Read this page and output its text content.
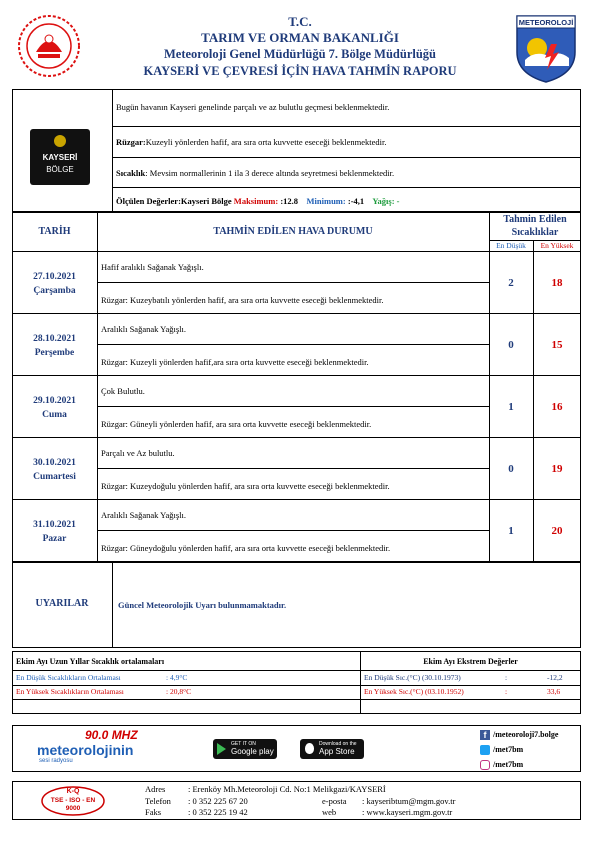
T.C.
TARIM VE ORMAN BAKANLIĞI
Meteoroloji Genel Müdürlüğü 7. Bölge Müdürlüğü
KAYSERİ VE ÇEVRESİ İÇİN HAVA TAHMİN RAPORU
METEOROLOJİ
KAYSERİ
BÖLGE
Bugün havanın Kayseri genelinde parçalı ve az bulutlu geçmesi beklenmektedir.
Rüzgar:Kuzeyli yönlerden hafif, ara sıra orta kuvvette eseceği beklenmektedir.
Sıcaklık: Mevsim normallerinin 1 ila 3 derece altında seyretmesi beklenmektedir.
Ölçülen Değerler:Kayseri Bölge Maksimum: :12.8 Minimum: :-4,1 Yağış: -
TARİH	TAHMİN EDİLEN HAVA DURUMU
Tahmin Edilen
Sıcaklıklar
En Düşük	En Yüksek
27.10.2021
Çarşamba
Hafif aralıklı Sağanak Yağışlı.
Rüzgar: Kuzeybatılı yönlerden hafif, ara sıra orta kuvvette eseceği beklenmektedir.
2	18
28.10.2021
Perşembe
Aralıklı Sağanak Yağışlı.
Rüzgar: Kuzeyli yönlerden hafif,ara sıra orta kuvvette eseceği beklenmektedir.
0	15
29.10.2021
Cuma
Çok Bulutlu.
Rüzgar: Güneyli yönlerden hafif, ara sıra orta kuvvette eseceği beklenmektedir.
1	16
30.10.2021
Cumartesi
Parçalı ve Az bulutlu.
Rüzgar: Kuzeydoğulu yönlerden hafif, ara sıra orta kuvvette eseceği beklenmektedir.
0	19
31.10.2021
Pazar
Aralıklı Sağanak Yağışlı.
Rüzgar: Güneydoğulu yönlerden hafif, ara sıra orta kuvvette eseceği beklenmektedir.
1	20
UYARILAR	Güncel Meteorolojik Uyarı bulunmamaktadır.
Ekim Ayı Uzun Yıllar Sıcaklık ortalamaları	Ekim Ayı Ekstrem Değerler
En Düşük Sıcaklıkların Ortalaması	: 4,9°C
En Yüksek Sıcaklıkların Ortalaması	: 20,8°C
En Düşük Sıc.(°C) (30.10.1973)	:	-12,2
En Yüksek Sıc.(°C) (03.10.1952)	:	33,6
90.0 MHZ
meteorolojinin
sesi radyosu
GET IT ON
Google play
Download on the
App Store
f /meteoroloji7.bolge
/met7bm
/met7bm
K-Q
TSE - ISO - EN
9000
Adres	: Erenköy Mh.Meteoroloji Cd. No:1 Melikgazi/KAYSERİ
Telefon : 0 352 225 67 20
Faks	: 0 352 225 19 42
e-posta : kayseribtum@mgm.gov.tr
web	: www.kayseri.mgm.gov.tr
